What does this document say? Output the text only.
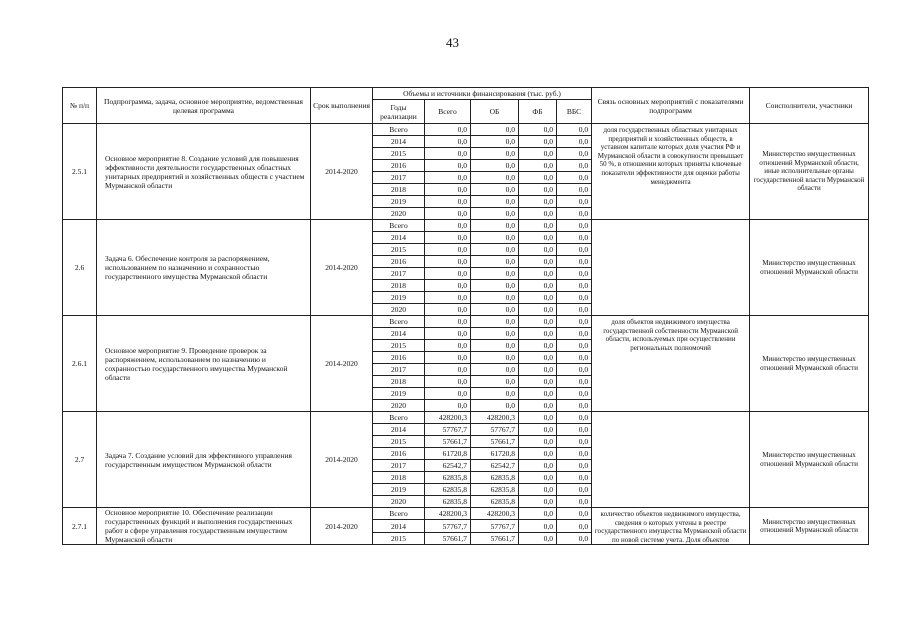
43
№ п/п	Подпрограмма, задача, основное мероприятие, ведомственная целевая программа	Срок выполнения	Объемы и источники финансирования (тыс. руб.)					Связь основных мероприятий с показателями подпрограмм	Соисполнители, участники
			Годы реализации	Всего	ОБ	ФБ	ВБС		
2.5.1	Основное мероприятие 8. Создание условий для повышения эффективности деятельности государственных областных унитарных предприятий и хозяйственных обществ с участием Мурманской области	2014-2020	Всего	0,0	0,0	0,0	0,0	доля государственных областных унитарных предприятий и хозяйственных обществ, в уставном капитале которых доля участия РФ и Мурманской области в совокупности превышает 50 %, в отношении которых приняты ключевые показатели эффективности для оценки работы менеджмента	Министерство имущественных отношений Мурманской области, иные исполнительные органы государственной власти Мурманской области
			2014	0,0	0,0	0,0	0,0		
			2015	0,0	0,0	0,0	0,0		
			2016	0,0	0,0	0,0	0,0		
			2017	0,0	0,0	0,0	0,0		
			2018	0,0	0,0	0,0	0,0		
			2019	0,0	0,0	0,0	0,0		
			2020	0,0	0,0	0,0	0,0		
2.6	Задача 6. Обеспечение контроля за распоряжением, использованием по назначению и сохранностью государственного имущества Мурманской области	2014-2020	Всего	0,0	0,0	0,0	0,0		Министерство имущественных отношений Мурманской области
			2014	0,0	0,0	0,0	0,0		
			2015	0,0	0,0	0,0	0,0		
			2016	0,0	0,0	0,0	0,0		
			2017	0,0	0,0	0,0	0,0		
			2018	0,0	0,0	0,0	0,0		
			2019	0,0	0,0	0,0	0,0		
			2020	0,0	0,0	0,0	0,0		
2.6.1	Основное мероприятие 9. Проведение проверок за распоряжением, использованием по назначению и сохранностью государственного имущества Мурманской области	2014-2020	Всего	0,0	0,0	0,0	0,0	доля объектов недвижимого имущества государственной собственности Мурманской области, используемых при осуществлении региональных полномочий	Министерство имущественных отношений Мурманской области
			2014	0,0	0,0	0,0	0,0		
			2015	0,0	0,0	0,0	0,0		
			2016	0,0	0,0	0,0	0,0		
			2017	0,0	0,0	0,0	0,0		
			2018	0,0	0,0	0,0	0,0		
			2019	0,0	0,0	0,0	0,0		
			2020	0,0	0,0	0,0	0,0		
2.7	Задача 7. Создание условий для эффективного управления государственным имуществом Мурманской области	2014-2020	Всего	428200,3	428200,3	0,0	0,0		Министерство имущественных отношений Мурманской области
			2014	57767,7	57767,7	0,0	0,0		
			2015	57661,7	57661,7	0,0	0,0		
			2016	61720,8	61720,8	0,0	0,0		
			2017	62542,7	62542,7	0,0	0,0		
			2018	62835,8	62835,8	0,0	0,0		
			2019	62835,8	62835,8	0,0	0,0		
			2020	62835,8	62835,8	0,0	0,0		
2.7.1	Основное мероприятие 10. Обеспечение реализации государственных функций и выполнения государственных работ в сфере управления государственным имуществом Мурманской области	2014-2020	Всего	428200,3	428200,3	0,0	0,0	количество объектов недвижимого имущества, сведения о которых учтены в реестре государственного имущества Мурманской области по новой системе учета. Доля объектов	Министерство имущественных отношений Мурманской области
			2014	57767,7	57767,7	0,0	0,0		
			2015	57661,7	57661,7	0,0	0,0		
